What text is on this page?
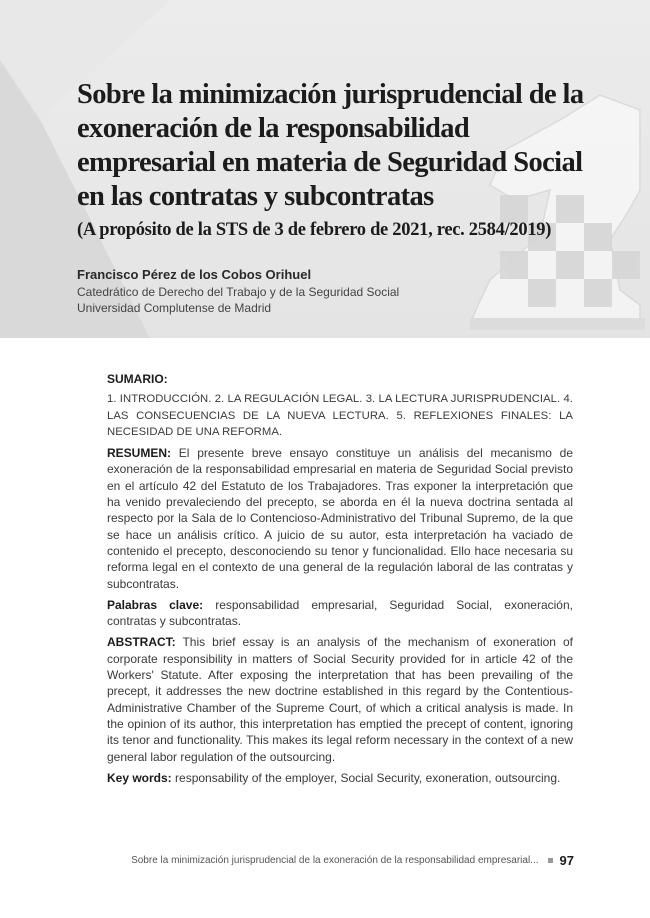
Sobre la minimización jurisprudencial de la exoneración de la responsabilidad empresarial en materia de Seguridad Social en las contratas y subcontratas
(A propósito de la STS de 3 de febrero de 2021, rec. 2584/2019)
Francisco Pérez de los Cobos Orihuel
Catedrático de Derecho del Trabajo y de la Seguridad Social
Universidad Complutense de Madrid
SUMARIO:

1. INTRODUCCIÓN. 2. LA REGULACIÓN LEGAL. 3. LA LECTURA JURISPRUDENCIAL. 4. LAS CONSECUENCIAS DE LA NUEVA LECTURA. 5. REFLEXIONES FINALES: LA NECESIDAD DE UNA REFORMA.

RESUMEN: El presente breve ensayo constituye un análisis del mecanismo de exoneración de la responsabilidad empresarial en materia de Seguridad Social previsto en el artículo 42 del Estatuto de los Trabajadores. Tras exponer la interpretación que ha venido prevaleciendo del precepto, se aborda en él la nueva doctrina sentada al respecto por la Sala de lo Contencioso-Administrativo del Tribunal Supremo, de la que se hace un análisis crítico. A juicio de su autor, esta interpretación ha vaciado de contenido el precepto, desconociendo su tenor y funcionalidad. Ello hace necesaria su reforma legal en el contexto de una general de la regulación laboral de las contratas y subcontratas.

Palabras clave: responsabilidad empresarial, Seguridad Social, exoneración, contratas y subcontratas.

ABSTRACT: This brief essay is an analysis of the mechanism of exoneration of corporate responsibility in matters of Social Security provided for in article 42 of the Workers' Statute. After exposing the interpretation that has been prevailing of the precept, it addresses the new doctrine established in this regard by the Contentious-Administrative Chamber of the Supreme Court, of which a critical analysis is made. In the opinion of its author, this interpretation has emptied the precept of content, ignoring its tenor and functionality. This makes its legal reform necessary in the context of a new general labor regulation of the outsourcing.

Key words: responsability of the employer, Social Security, exoneration, outsourcing.

Sobre la minimización jurisprudencial de la exoneración de la responsabilidad empresarial... 97
